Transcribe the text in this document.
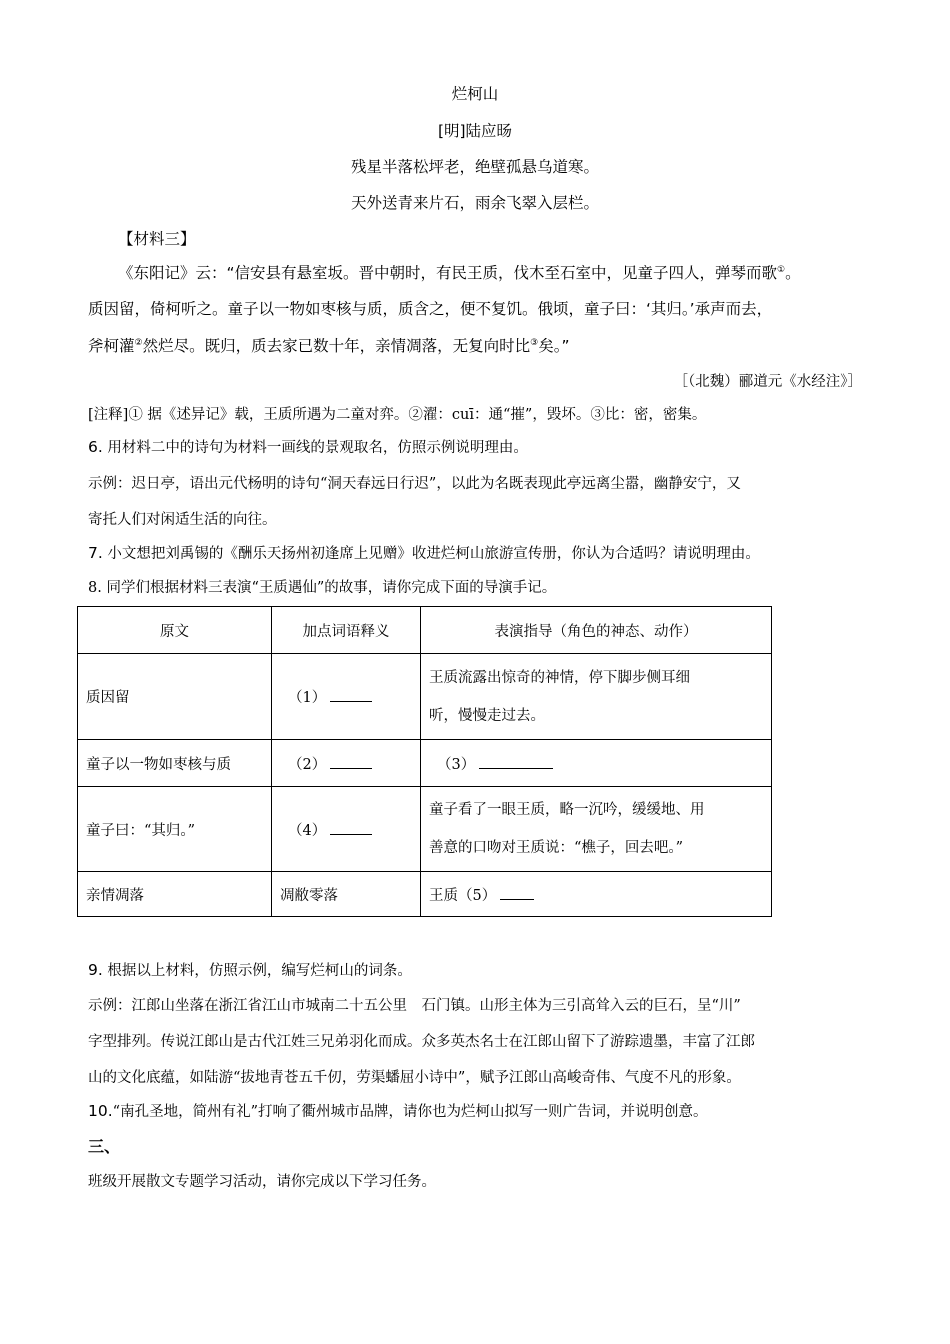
烂柯山
[明]陆应旸
残星半落松坪老，绝壁孤悬乌道寒。
天外送青来片石，雨余飞翠入层栏。
【材料三】
《东阳记》云：“信安县有悬室坂。晋中朝时，有民王质，伐木至石室中，见童子四人，弹琴而歌①。
质因留，倚柯听之。童子以一物如枣核与质，质含之，便不复饥。俄顷，童子曰：‘其归。’承声而去，
斧柯灌②然烂尽。既归，质去家已数十年，亲情凋落，无复向时比③矣。”
［（北魏）郦道元《水经注》］
[注释]① 据《述异记》载，王质所遇为二童对弈。②濯：cuī：通“摧”，毁坏。③比：密，密集。
6. 用材料二中的诗句为材料一画线的景观取名，仿照示例说明理由。
示例：迟日亭，语出元代杨明的诗句“洞天春远日行迟”，以此为名既表现此亭远离尘嚣，幽静安宁，又
寄托人们对闲适生活的向往。
7. 小文想把刘禹锡的《酬乐天扬州初逢席上见赠》收进烂柯山旅游宣传册，你认为合适吗？请说明理由。
8. 同学们根据材料三表演“王质遇仙”的故事，请你完成下面的导演手记。
原文	加点词语释义	表演指导（角色的神态、动作）
质因留	（1）	王质流露出惊奇的神情，停下脚步侧耳细
听，慢慢走过去。

童子以一物如枣核与质	（2）	（3）
童子曰：“其归。”	（4）	童子看了一眼王质，略一沉吟，缓缓地、用
善意的口吻对王质说：“樵子，回去吧。”

亲情凋落	凋敝零落	王质（5）
9. 根据以上材料，仿照示例，编写烂柯山的词条。
示例：江郎山坐落在浙江省江山市城南二十五公里　石门镇。山形主体为三引高耸入云的巨石，呈“川”
字型排列。传说江郎山是古代江姓三兄弟羽化而成。众多英杰名士在江郎山留下了游踪遗墨，丰富了江郎
山的文化底蕴，如陆游“拔地青苍五千仞，劳渠蟠屈小诗中”，赋予江郎山高峻奇伟、气度不凡的形象。
10.“南孔圣地，简州有礼”打响了衢州城市品牌，请你也为烂柯山拟写一则广告词，并说明创意。
三、
班级开展散文专题学习活动，请你完成以下学习任务。
